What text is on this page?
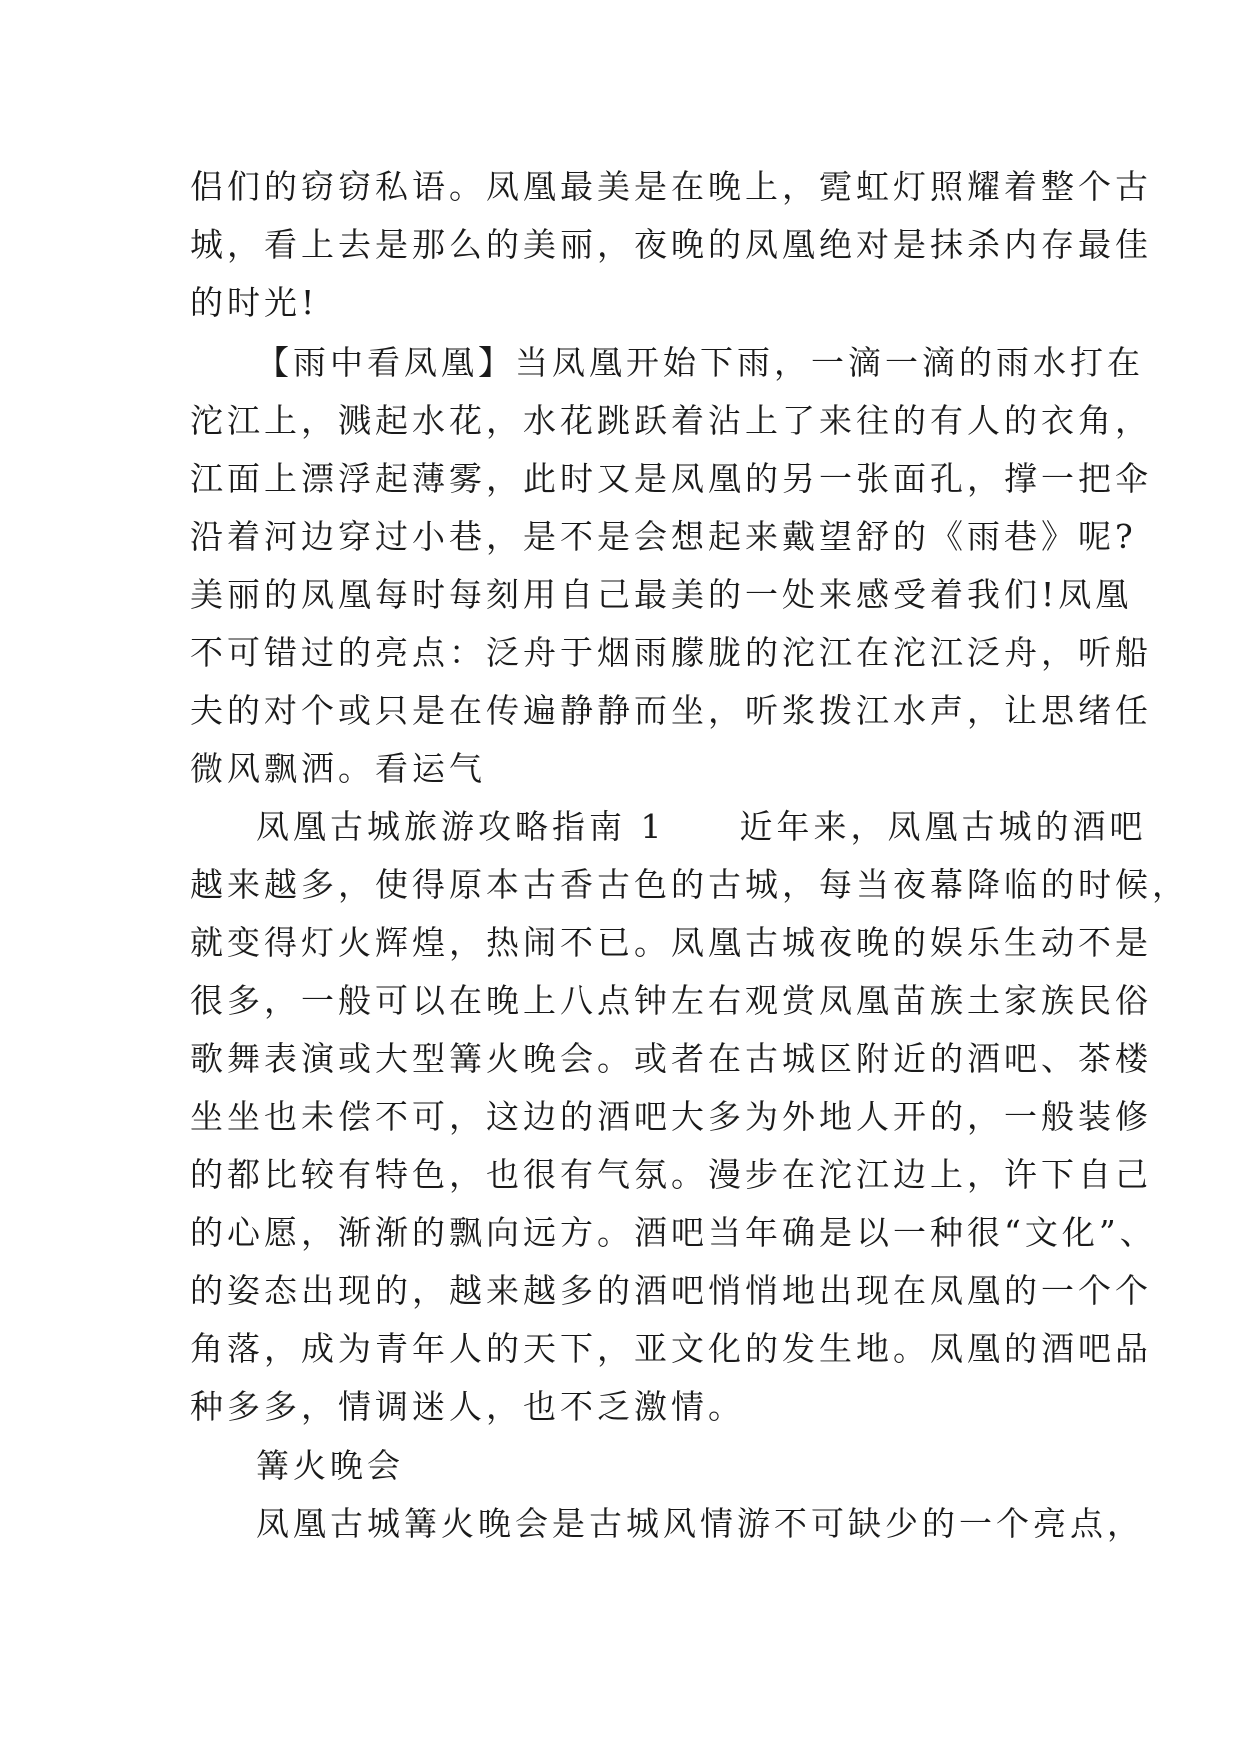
侣们的窃窃私语。凤凰最美是在晚上，霓虹灯照耀着整个古
城，看上去是那么的美丽，夜晚的凤凰绝对是抹杀内存最佳
的时光!
【雨中看凤凰】当凤凰开始下雨，一滴一滴的雨水打在
沱江上，溅起水花，水花跳跃着沾上了来往的有人的衣角，
江面上漂浮起薄雾，此时又是凤凰的另一张面孔，撑一把伞
沿着河边穿过小巷，是不是会想起来戴望舒的《雨巷》呢?
美丽的凤凰每时每刻用自己最美的一处来感受着我们!凤凰
不可错过的亮点：泛舟于烟雨朦胧的沱江在沱江泛舟，听船
夫的对个或只是在传遍静静而坐，听浆拨江水声，让思绪任
微风飘洒。看运气
凤凰古城旅游攻略指南 1　　近年来，凤凰古城的酒吧
越来越多，使得原本古香古色的古城，每当夜幕降临的时候，
就变得灯火辉煌，热闹不已。凤凰古城夜晚的娱乐生动不是
很多，一般可以在晚上八点钟左右观赏凤凰苗族土家族民俗
歌舞表演或大型篝火晚会。或者在古城区附近的酒吧、茶楼
坐坐也未偿不可，这边的酒吧大多为外地人开的，一般装修
的都比较有特色，也很有气氛。漫步在沱江边上，许下自己
的心愿，渐渐的飘向远方。酒吧当年确是以一种很“文化”、
的姿态出现的，越来越多的酒吧悄悄地出现在凤凰的一个个
角落，成为青年人的天下，亚文化的发生地。凤凰的酒吧品
种多多，情调迷人，也不乏激情。
篝火晚会
凤凰古城篝火晚会是古城风情游不可缺少的一个亮点，
